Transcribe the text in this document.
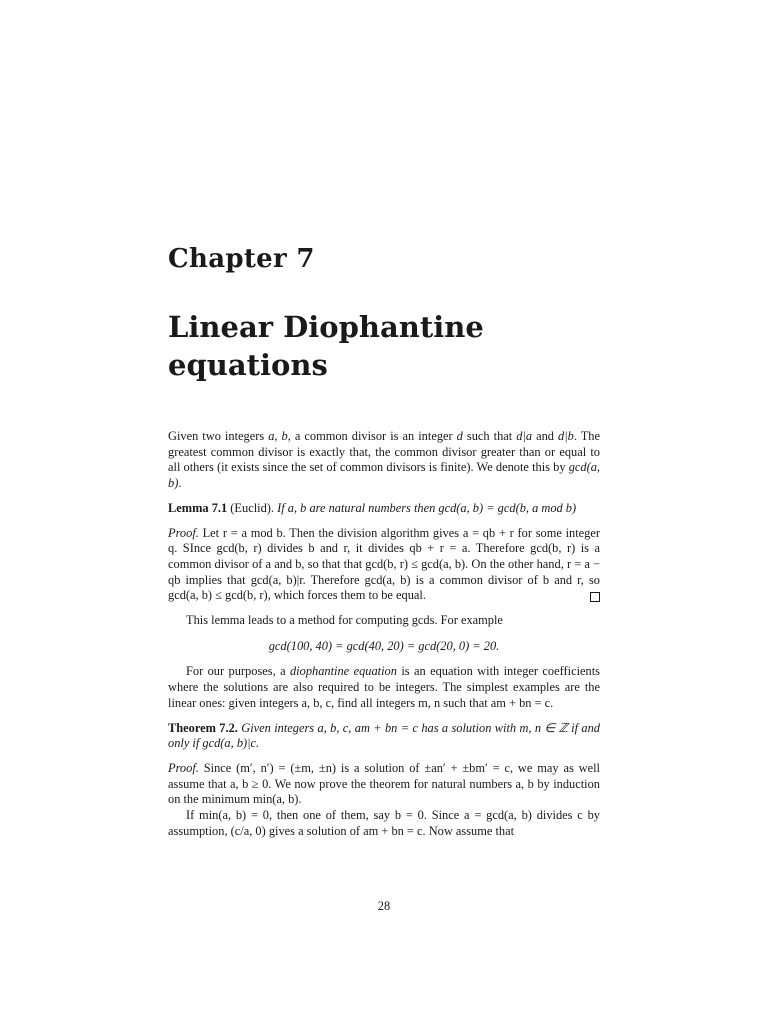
Chapter 7
Linear Diophantine
equations

Given two integers a, b, a common divisor is an integer d such that d|a and d|b. The greatest common divisor is exactly that, the common divisor greater than or equal to all others (it exists since the set of common divisors is finite). We denote this by gcd(a, b).

Lemma 7.1 (Euclid). If a, b are natural numbers then gcd(a, b) = gcd(b, a mod b)

Proof. Let r = a mod b. Then the division algorithm gives a = qb + r for some integer q. SInce gcd(b, r) divides b and r, it divides qb + r = a. Therefore gcd(b, r) is a common divisor of a and b, so that that gcd(b, r) ≤ gcd(a, b). On the other hand, r = a − qb implies that gcd(a, b)|r. Therefore gcd(a, b) is a common divisor of b and r, so gcd(a, b) ≤ gcd(b, r), which forces them to be equal.

This lemma leads to a method for computing gcds. For example

gcd(100, 40) = gcd(40, 20) = gcd(20, 0) = 20.

For our purposes, a diophantine equation is an equation with integer coefficients where the solutions are also required to be integers. The simplest examples are the linear ones: given integers a, b, c, find all integers m, n such that am + bn = c.

Theorem 7.2. Given integers a, b, c, am + bn = c has a solution with m, n ∈ ℤ if and only if gcd(a, b)|c.

Proof. Since (m′, n′) = (±m, ±n) is a solution of ±an′ + ±bm′ = c, we may as well assume that a, b ≥ 0. We now prove the theorem for natural numbers a, b by induction on the minimum min(a, b).

If min(a, b) = 0, then one of them, say b = 0. Since a = gcd(a, b) divides c by assumption, (c/a, 0) gives a solution of am + bn = c. Now assume that

28
